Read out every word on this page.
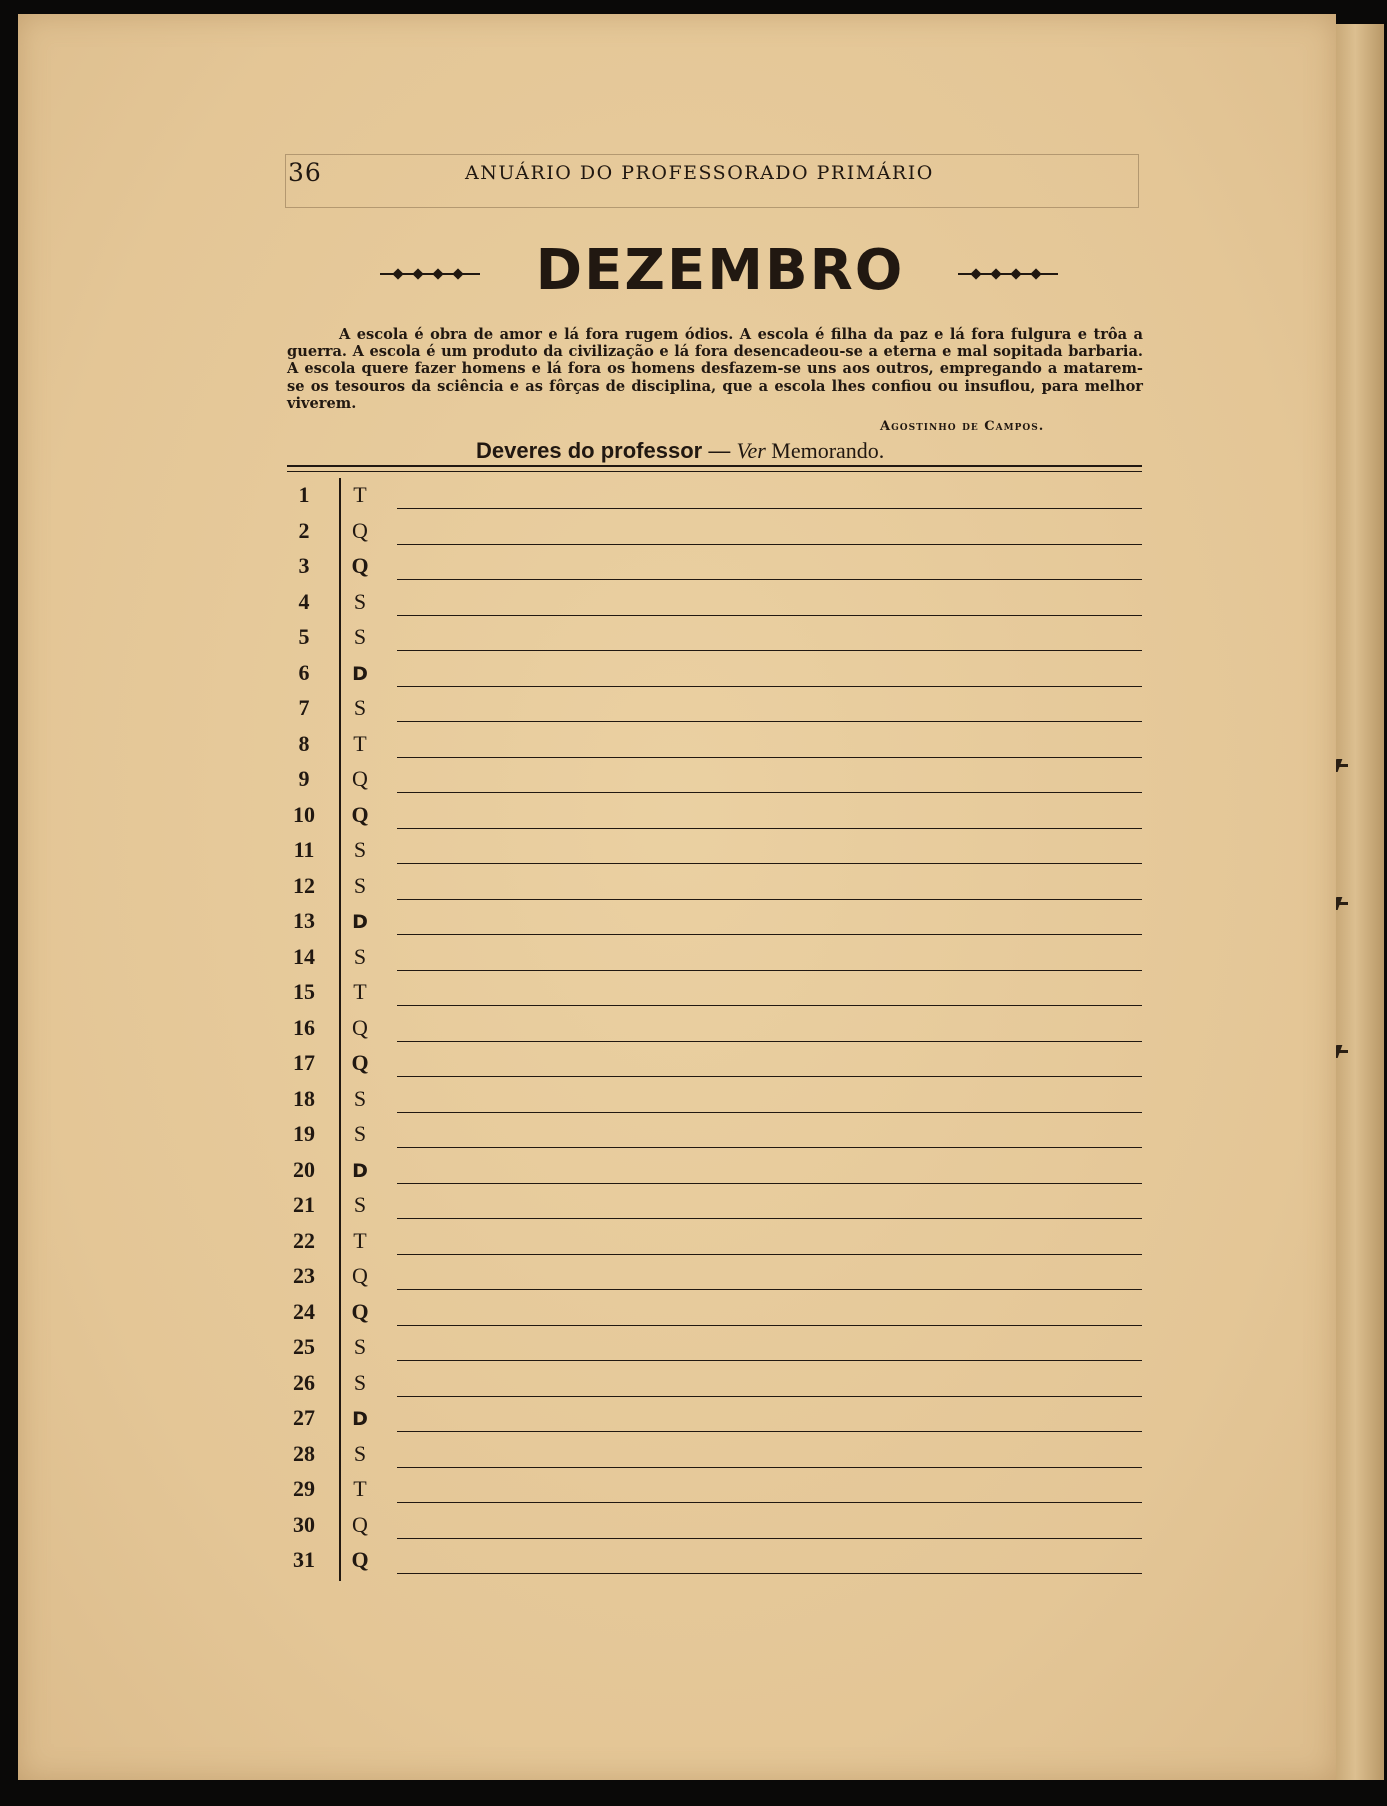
36	ANUÁRIO DO PROFESSORADO PRIMÁRIO
DEZEMBRO
A escola é obra de amor e lá fora rugem ódios. A escola é filha da paz e lá fora fulgura e trôa a guerra. A escola é um produto da civilização e lá fora desencadeou-se a eterna e mal sopitada barbaria. A escola quere fazer homens e lá fora os homens desfazem-se uns aos outros, empregando a matarem-se os tesouros da sciência e as fôrças de disciplina, que a escola lhes confiou ou insuflou, para melhor viverem.
Agostinho de Campos.
Deveres do professor — Ver Memorando.
1	T
2	Q
3	Q
4	S
5	S
6	D
7	S
8	T
9	Q
10 Q
11	S
12	S
13	D
14	S
15	T
16	Q
17 Q
18	S
19	S
20	D
21	S
22	T
23	Q
24 Q
25	S
26	S
27	D
28	S
29	T
30	Q
31 Q
